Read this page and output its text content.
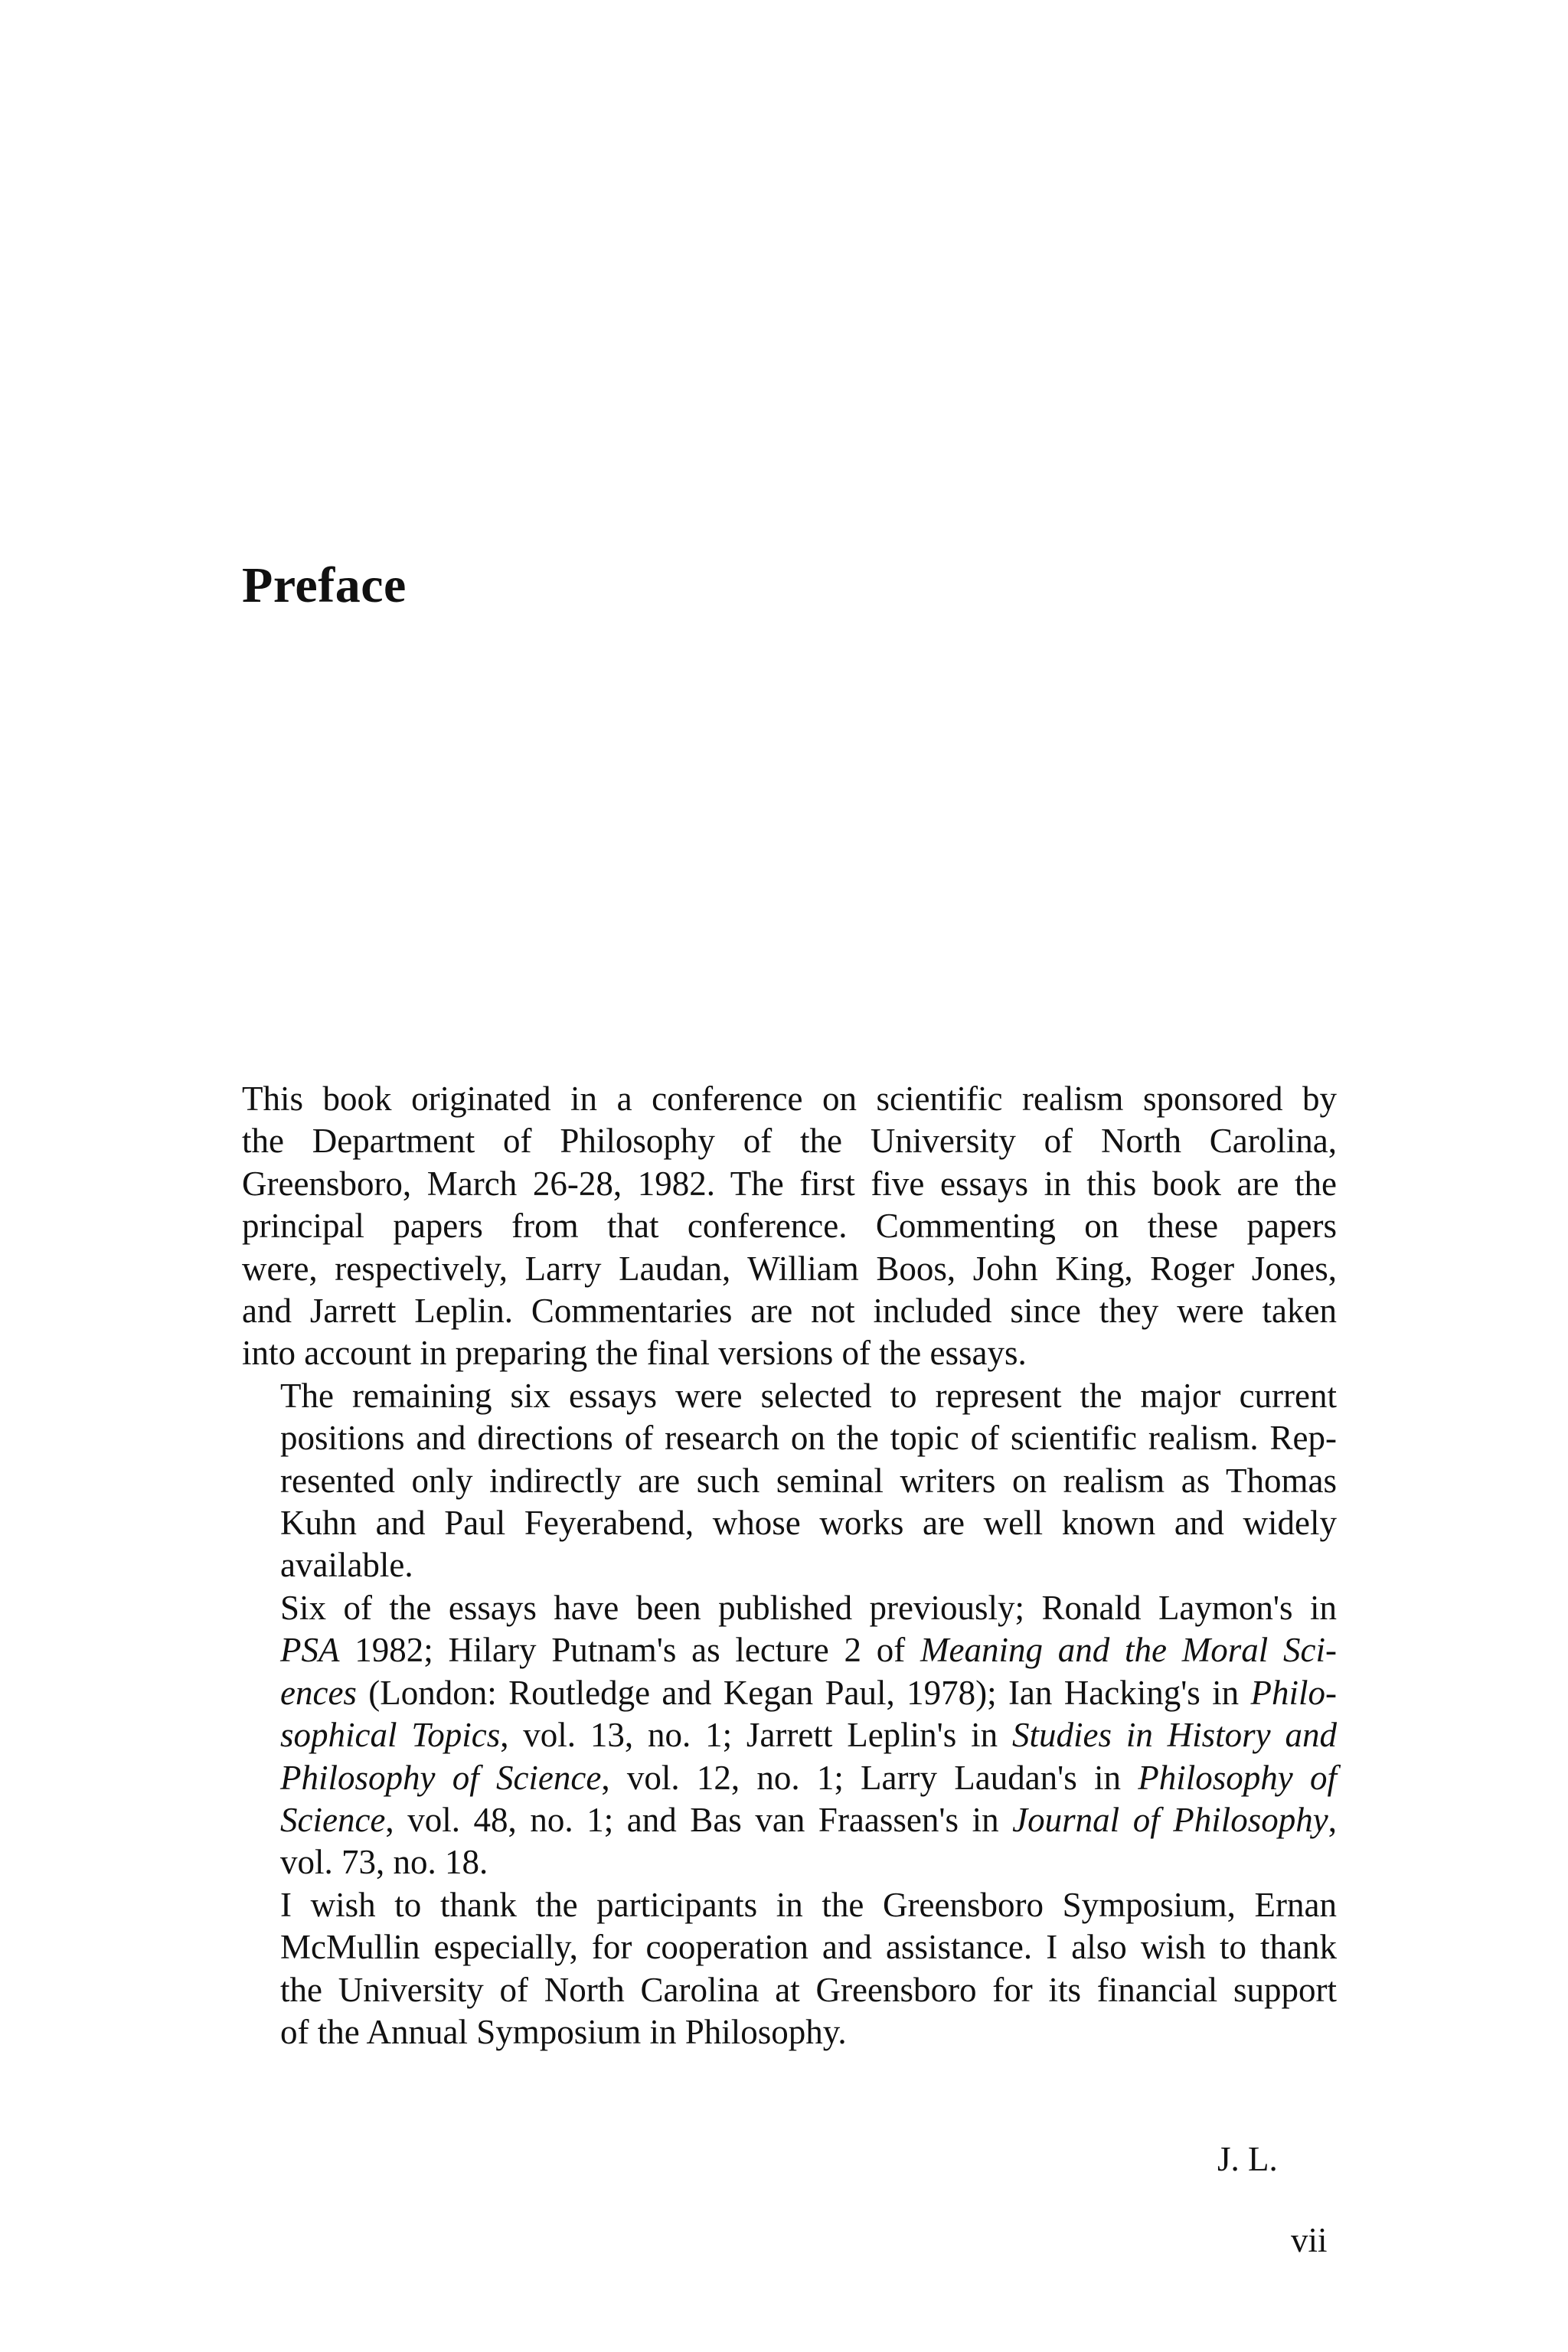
Preface

This book originated in a conference on scientific realism sponsored by
the Department of Philosophy of the University of North Carolina,
Greensboro, March 26-28, 1982. The first five essays in this book are the
principal papers from that conference. Commenting on these papers
were, respectively, Larry Laudan, William Boos, John King, Roger Jones,
and Jarrett Leplin. Commentaries are not included since they were taken
into account in preparing the final versions of the essays.

The remaining six essays were selected to represent the major current
positions and directions of research on the topic of scientific realism. Rep-
resented only indirectly are such seminal writers on realism as Thomas
Kuhn and Paul Feyerabend, whose works are well known and widely
available.

Six of the essays have been published previously; Ronald Laymon's in
PSA 1982; Hilary Putnam's as lecture 2 of Meaning and the Moral Sci-
ences (London: Routledge and Kegan Paul, 1978); Ian Hacking's in Philo-
sophical Topics, vol. 13, no. 1; Jarrett Leplin's in Studies in History and
Philosophy of Science, vol. 12, no. 1; Larry Laudan's in Philosophy of
Science, vol. 48, no. 1; and Bas van Fraassen's in Journal of Philosophy,
vol. 73, no. 18.

I wish to thank the participants in the Greensboro Symposium, Ernan
McMullin especially, for cooperation and assistance. I also wish to thank
the University of North Carolina at Greensboro for its financial support
of the Annual Symposium in Philosophy.

J. L.
vii
